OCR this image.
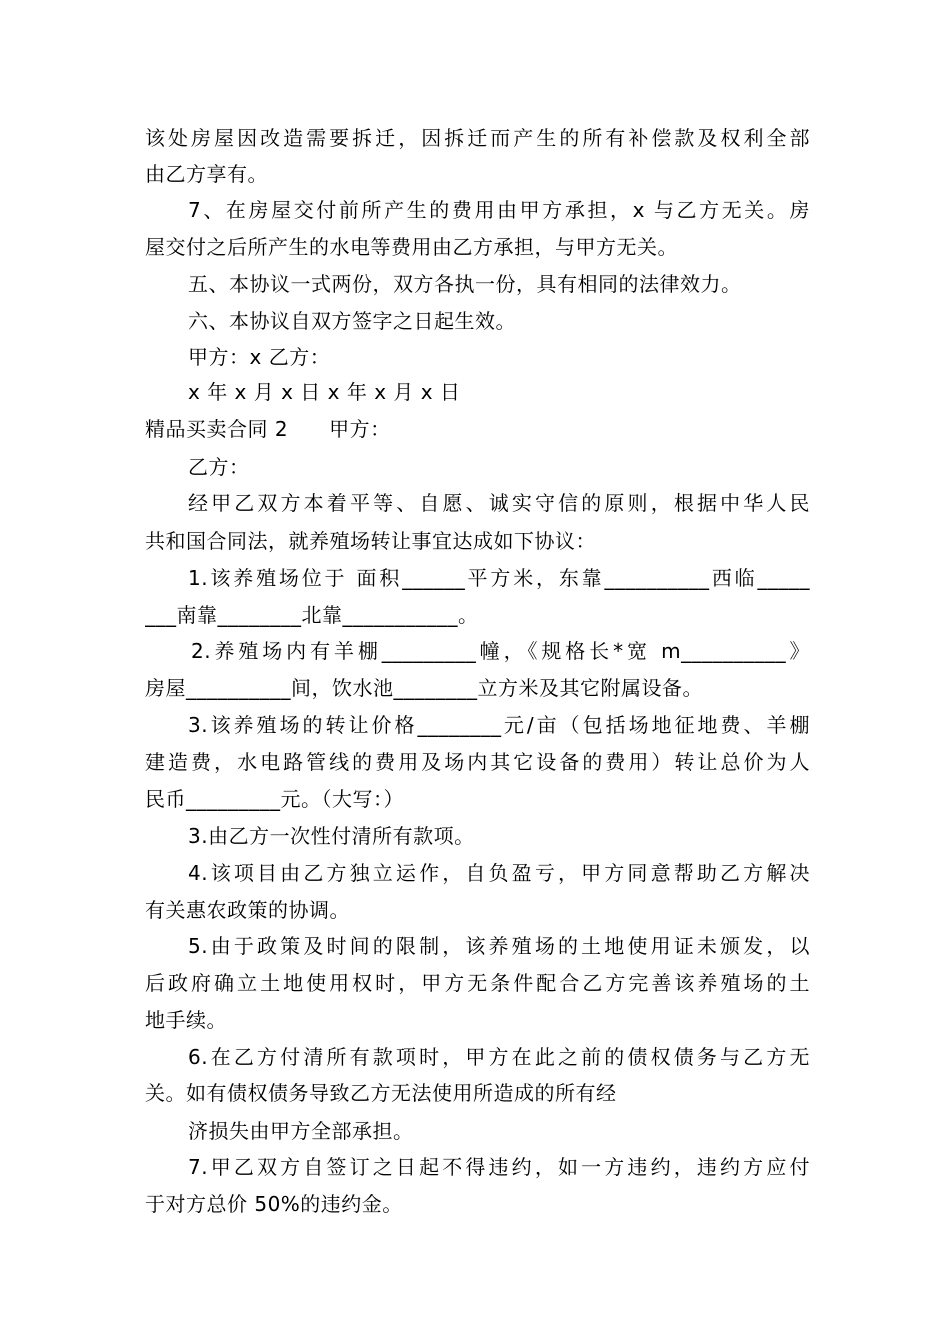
该处房屋因改造需要拆迁，因拆迁而产生的所有补偿款及权利全部
由乙方享有。
7、在房屋交付前所产生的费用由甲方承担，x 与乙方无关。房
屋交付之后所产生的水电等费用由乙方承担，与甲方无关。
五、本协议一式两份，双方各执一份，具有相同的法律效力。
六、本协议自双方签字之日起生效。
甲方：x 乙方：
x 年 x 月 x 日 x 年 x 月 x 日
精品买卖合同 2　　甲方：
乙方：
经甲乙双方本着平等、自愿、诚实守信的原则，根据中华人民
共和国合同法，就养殖场转让事宜达成如下协议：
1.该养殖场位于 面积______平方米，东靠__________西临_____
___南靠________北靠___________。
2.养殖场内有羊棚_________幢，《规格长*宽 m__________》
房屋__________间，饮水池________立方米及其它附属设备。
3.该养殖场的转让价格________元/亩（包括场地征地费、羊棚
建造费，水电路管线的费用及场内其它设备的费用）转让总价为人
民币_________元。（大写：）
3.由乙方一次性付清所有款项。
4.该项目由乙方独立运作，自负盈亏，甲方同意帮助乙方解决
有关惠农政策的协调。
5.由于政策及时间的限制，该养殖场的土地使用证未颁发，以
后政府确立土地使用权时，甲方无条件配合乙方完善该养殖场的土
地手续。
6.在乙方付清所有款项时，甲方在此之前的债权债务与乙方无
关。如有债权债务导致乙方无法使用所造成的所有经
济损失由甲方全部承担。
7.甲乙双方自签订之日起不得违约，如一方违约，违约方应付
于对方总价 50%的违约金。
